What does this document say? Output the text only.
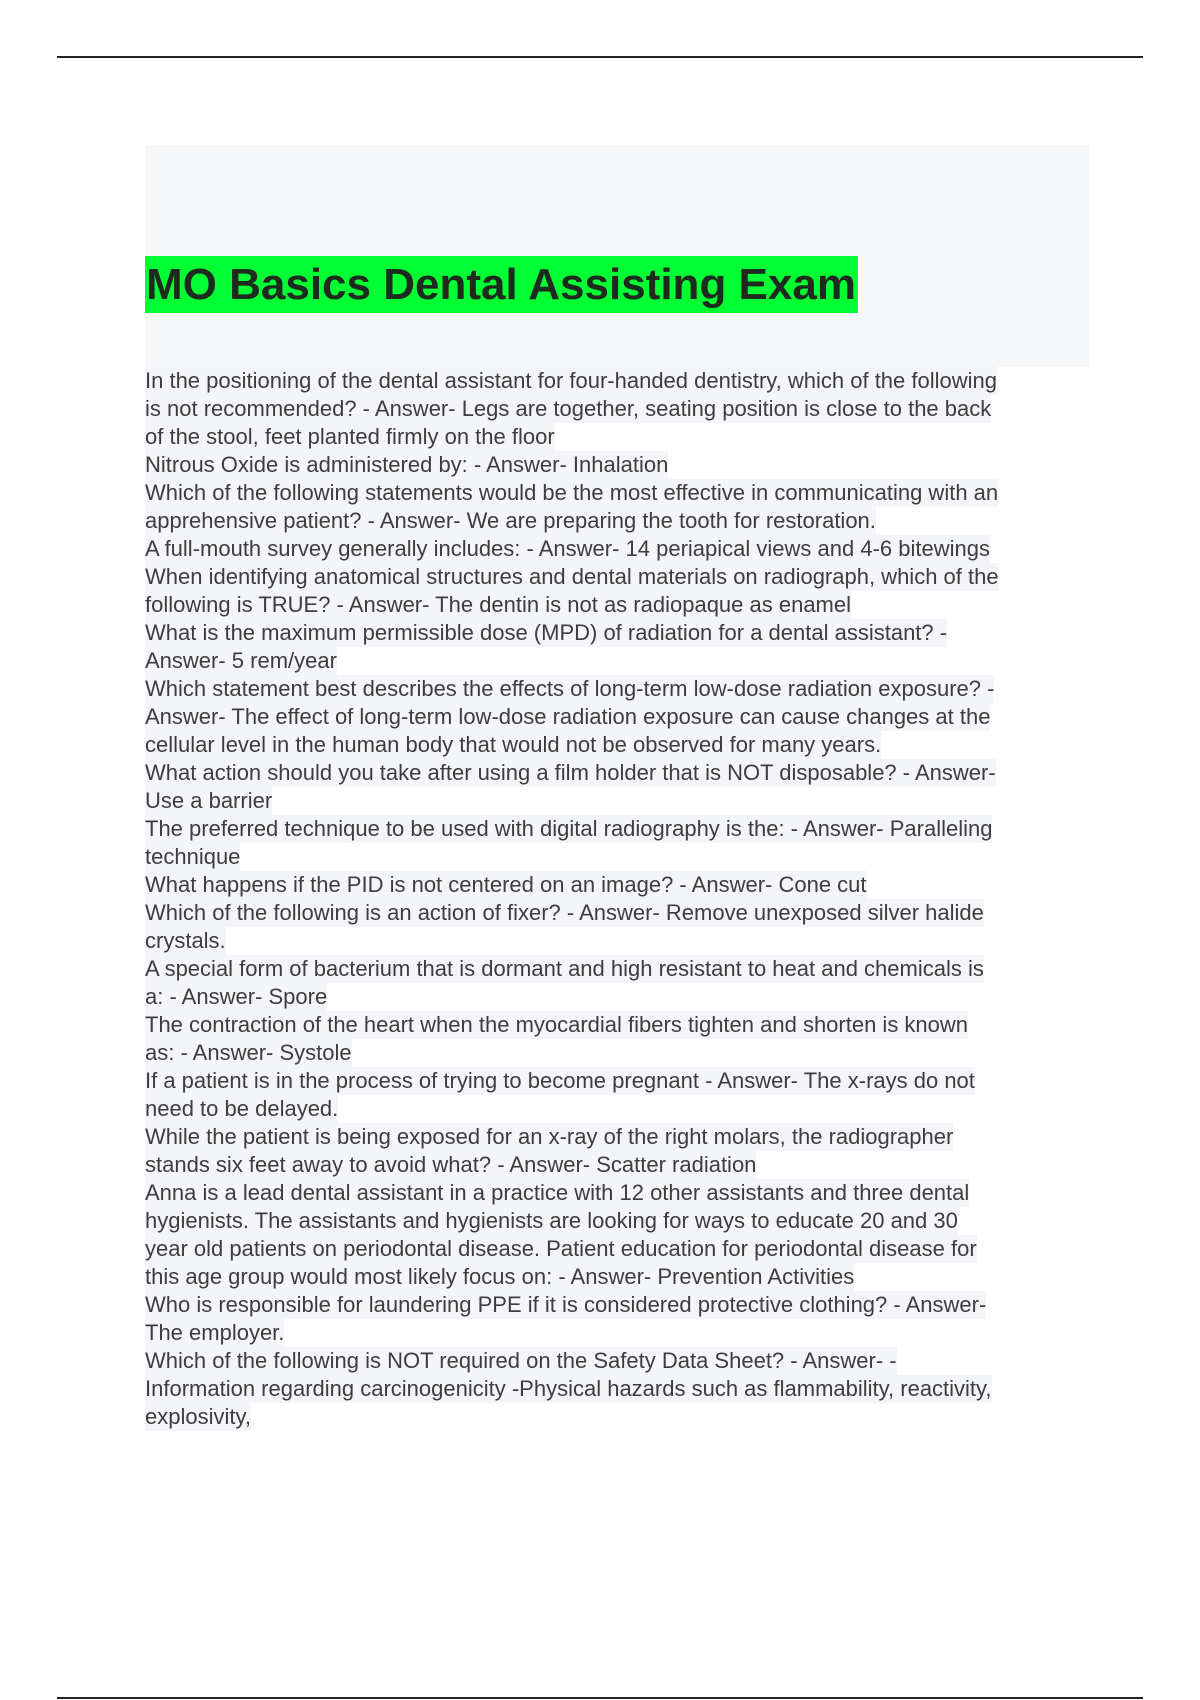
MO Basics Dental Assisting Exam
In the positioning of the dental assistant for four-handed dentistry, which of the following
is not recommended? - Answer- Legs are together, seating position is close to the back
of the stool, feet planted firmly on the floor
Nitrous Oxide is administered by: - Answer- Inhalation
Which of the following statements would be the most effective in communicating with an
apprehensive patient? - Answer- We are preparing the tooth for restoration.
A full-mouth survey generally includes: - Answer- 14 periapical views and 4-6 bitewings
When identifying anatomical structures and dental materials on radiograph, which of the
following is TRUE? - Answer- The dentin is not as radiopaque as enamel
What is the maximum permissible dose (MPD) of radiation for a dental assistant? -
Answer- 5 rem/year
Which statement best describes the effects of long-term low-dose radiation exposure? -
Answer- The effect of long-term low-dose radiation exposure can cause changes at the
cellular level in the human body that would not be observed for many years.
What action should you take after using a film holder that is NOT disposable? - Answer-
Use a barrier
The preferred technique to be used with digital radiography is the: - Answer- Paralleling
technique
What happens if the PID is not centered on an image? - Answer- Cone cut
Which of the following is an action of fixer? - Answer- Remove unexposed silver halide
crystals.
A special form of bacterium that is dormant and high resistant to heat and chemicals is
a: - Answer- Spore
The contraction of the heart when the myocardial fibers tighten and shorten is known
as: - Answer- Systole
If a patient is in the process of trying to become pregnant - Answer- The x-rays do not
need to be delayed.
While the patient is being exposed for an x-ray of the right molars, the radiographer
stands six feet away to avoid what? - Answer- Scatter radiation
Anna is a lead dental assistant in a practice with 12 other assistants and three dental
hygienists. The assistants and hygienists are looking for ways to educate 20 and 30
year old patients on periodontal disease. Patient education for periodontal disease for
this age group would most likely focus on: - Answer- Prevention Activities
Who is responsible for laundering PPE if it is considered protective clothing? - Answer-
The employer.
Which of the following is NOT required on the Safety Data Sheet? - Answer- -
Information regarding carcinogenicity -Physical hazards such as flammability, reactivity,
explosivity,
